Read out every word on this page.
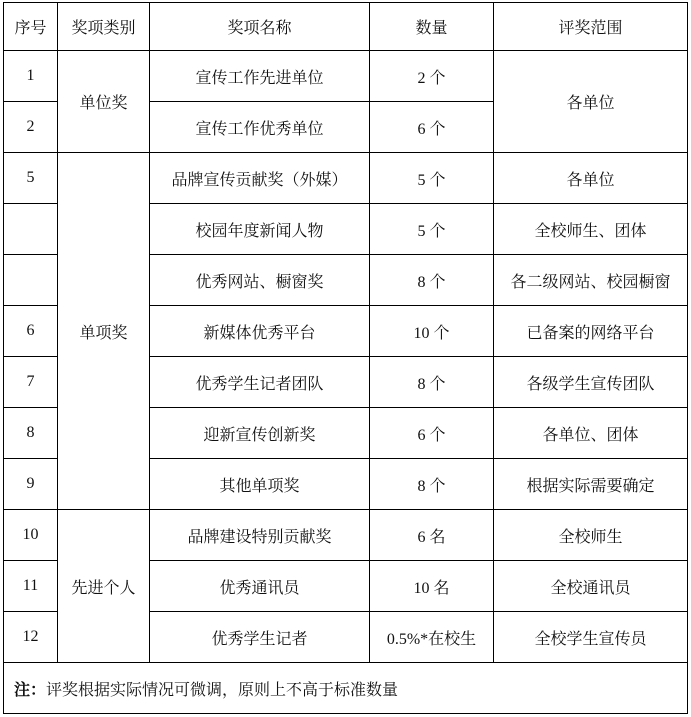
序号	奖项类别	奖项名称	数量	评奖范围
1	单位奖	宣传工作先进单位	2 个	各单位
2		宣传工作优秀单位	6 个	
5	单项奖	品牌宣传贡献奖（外媒）	5 个	各单位
		校园年度新闻人物	5 个	全校师生、团体
		优秀网站、橱窗奖	8 个	各二级网站、校园橱窗
6		新媒体优秀平台	10 个	已备案的网络平台
7		优秀学生记者团队	8 个	各级学生宣传团队
8		迎新宣传创新奖	6 个	各单位、团体
9		其他单项奖	8 个	根据实际需要确定
10	先进个人	品牌建设特别贡献奖	6 名	全校师生
11		优秀通讯员	10 名	全校通讯员
12		优秀学生记者	0.5%*在校生	全校学生宣传员
注：评奖根据实际情况可微调，原则上不高于标准数量				
